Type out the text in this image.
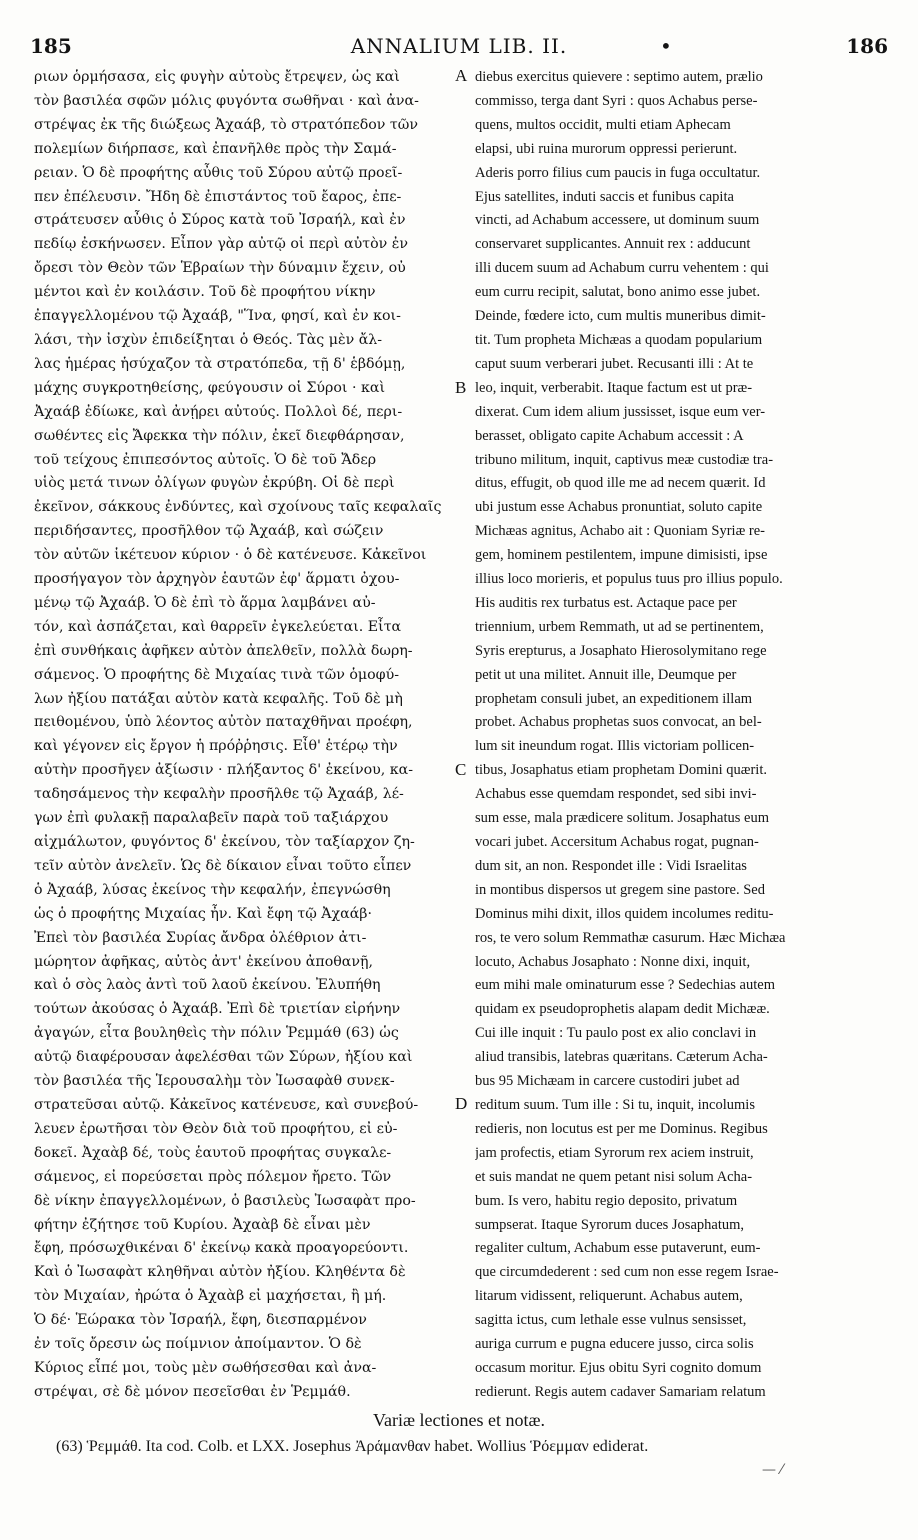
185	ANNALIUM LIB. II.	•	186
ριων ὁρμήσασα, εἰς φυγὴν αὐτοὺς ἔτρεψεν, ὡς καὶ
τὸν βασιλέα σφῶν μόλις φυγόντα σωθῆναι · καὶ ἀνα-
στρέψας ἐκ τῆς διώξεως Ἀχαάβ, τὸ στρατόπεδον τῶν
πολεμίων διήρπασε, καὶ ἐπανῆλθε πρὸς τὴν Σαμά-
ρειαν. Ὁ δὲ προφήτης αὖθις τοῦ Σύρου αὐτῷ προεῖ-
πεν ἐπέλευσιν. Ἤδη δὲ ἐπιστάντος τοῦ ἔαρος, ἐπε-
στράτευσεν αὖθις ὁ Σύρος κατὰ τοῦ Ἰσραήλ, καὶ ἐν
πεδίῳ ἐσκήνωσεν. Εἶπον γὰρ αὐτῷ οἱ περὶ αὐτὸν ἐν
ὄρεσι τὸν Θεὸν τῶν Ἑβραίων τὴν δύναμιν ἔχειν, οὐ
μέντοι καὶ ἐν κοιλάσιν. Τοῦ δὲ προφήτου νίκην
ἐπαγγελλομένου τῷ Ἀχαάβ, "Ἵνα, φησί, καὶ ἐν κοι-
λάσι, τὴν ἰσχὺν ἐπιδείξηται ὁ Θεός. Τὰς μὲν ἄλ-
λας ἡμέρας ἡσύχαζον τὰ στρατόπεδα, τῇ δ' ἑβδόμῃ,
μάχης συγκροτηθείσης, φεύγουσιν οἱ Σύροι · καὶ
Ἀχαάβ ἐδίωκε, καὶ ἀνῄρει αὐτούς. Πολλοὶ δέ, περι-
σωθέντες εἰς Ἄφεκκα τὴν πόλιν, ἐκεῖ διεφθάρησαν,
τοῦ τείχους ἐπιπεσόντος αὐτοῖς. Ὁ δὲ τοῦ Ἄδερ
υἱὸς μετά τινων ὀλίγων φυγὼν ἐκρύβη. Οἱ δὲ περὶ
ἐκεῖνον, σάκκους ἐνδύντες, καὶ σχοίνους ταῖς κεφαλαῖς
περιδήσαντες, προσῆλθον τῷ Ἀχαάβ, καὶ σώζειν
τὸν αὐτῶν ἱκέτευον κύριον · ὁ δὲ κατένευσε. Κἀκεῖνοι
προσήγαγον τὸν ἀρχηγὸν ἑαυτῶν ἐφ' ἅρματι ὀχου-
μένῳ τῷ Ἀχαάβ. Ὁ δὲ ἐπὶ τὸ ἅρμα λαμβάνει αὐ-
τόν, καὶ ἀσπάζεται, καὶ θαρρεῖν ἐγκελεύεται. Εἶτα
ἐπὶ συνθήκαις ἀφῆκεν αὐτὸν ἀπελθεῖν, πολλὰ δωρη-
σάμενος. Ὁ προφήτης δὲ Μιχαίας τινὰ τῶν ὁμοφύ-
λων ἠξίου πατάξαι αὐτὸν κατὰ κεφαλῆς. Τοῦ δὲ μὴ
πειθομένου, ὑπὸ λέοντος αὐτὸν παταχθῆναι προέφη,
καὶ γέγονεν εἰς ἔργον ἡ πρόῤῥησις. Εἶθ' ἑτέρῳ τὴν
αὐτὴν προσῆγεν ἀξίωσιν · πλήξαντος δ' ἐκείνου, κα-
ταδησάμενος τὴν κεφαλὴν προσῆλθε τῷ Ἀχαάβ, λέ-
γων ἐπὶ φυλακῇ παραλαβεῖν παρὰ τοῦ ταξιάρχου
αἰχμάλωτον, φυγόντος δ' ἐκείνου, τὸν ταξίαρχον ζη-
τεῖν αὐτὸν ἀνελεῖν. Ὡς δὲ δίκαιον εἶναι τοῦτο εἶπεν
ὁ Ἀχαάβ, λύσας ἐκείνος τὴν κεφαλήν, ἐπεγνώσθη
ὡς ὁ προφήτης Μιχαίας ἦν. Καὶ ἔφη τῷ Ἀχαάβ·
Ἐπεὶ τὸν βασιλέα Συρίας ἄνδρα ὀλέθριον ἀτι-
μώρητον ἀφῆκας, αὐτὸς ἀντ' ἐκείνου ἀποθανῇ,
καὶ ὁ σὸς λαὸς ἀντὶ τοῦ λαοῦ ἐκείνου. Ἐλυπήθη
τούτων ἀκούσας ὁ Ἀχαάβ. Ἐπὶ δὲ τριετίαν εἰρήνην
ἀγαγών, εἶτα βουληθεὶς τὴν πόλιν Ῥεμμάθ (63) ὡς
αὐτῷ διαφέρουσαν ἀφελέσθαι τῶν Σύρων, ἠξίου καὶ
τὸν βασιλέα τῆς Ἱερουσαλὴμ τὸν Ἰωσαφὰθ συνεκ-
στρατεῦσαι αὐτῷ. Κἀκεῖνος κατένευσε, καὶ συνεβού-
λευεν ἐρωτῆσαι τὸν Θεὸν διὰ τοῦ προφήτου, εἰ εὐ-
δοκεῖ. Ἀχαὰβ δέ, τοὺς ἑαυτοῦ προφήτας συγκαλε-
σάμενος, εἰ πορεύσεται πρὸς πόλεμον ἤρετο. Τῶν
δὲ νίκην ἐπαγγελλομένων, ὁ βασιλεὺς Ἰωσαφὰτ προ-
φήτην ἐζήτησε τοῦ Κυρίου. Ἀχαὰβ δὲ εἶναι μὲν
ἔφη, πρόσωχθικέναι δ' ἐκείνῳ κακὰ προαγορεύοντι.
Καὶ ὁ Ἰωσαφὰτ κληθῆναι αὐτὸν ἠξίου. Κληθέντα δὲ
τὸν Μιχαίαν, ἠρώτα ὁ Ἀχαὰβ εἰ μαχήσεται, ἢ μή.
Ὁ δέ· Ἑώρακα τὸν Ἰσραήλ, ἔφη, διεσπαρμένον
ἐν τοῖς ὄρεσιν ὡς ποίμνιον ἀποίμαντον. Ὁ δὲ
Κύριος εἶπέ μοι, τοὺς μὲν σωθήσεσθαι καὶ ἀνα-
στρέψαι, σὲ δὲ μόνον πεσεῖσθαι ἐν Ῥεμμάθ.
diebus exercitus quievere : septimo autem, prælio
commisso, terga dant Syri : quos Achabus perse-
quens, multos occidit, multi etiam Aphecam
elapsi, ubi ruina murorum oppressi perierunt.
Aderis porro filius cum paucis in fuga occultatur.
Ejus satellites, induti saccis et funibus capita
vincti, ad Achabum accessere, ut dominum suum
conservaret supplicantes. Annuit rex : adducunt
illi ducem suum ad Achabum curru vehentem : qui
eum curru recipit, salutat, bono animo esse jubet.
Deinde, fœdere icto, cum multis muneribus dimit-
tit. Tum propheta Michæas a quodam popularium
caput suum verberari jubet. Recusanti illi : At te
leo, inquit, verberabit. Itaque factum est ut præ-
dixerat. Cum idem alium jussisset, isque eum ver-
berasset, obligato capite Achabum accessit : A
tribuno militum, inquit, captivus meæ custodiæ tra-
ditus, effugit, ob quod ille me ad necem quærit. Id
ubi justum esse Achabus pronuntiat, soluto capite
Michæas agnitus, Achabo ait : Quoniam Syriæ re-
gem, hominem pestilentem, impune dimisisti, ipse
illius loco morieris, et populus tuus pro illius populo.
His auditis rex turbatus est. Actaque pace per
triennium, urbem Remmath, ut ad se pertinentem,
Syris erepturus, a Josaphato Hierosolymitano rege
petit ut una militet. Annuit ille, Deumque per
prophetam consuli jubet, an expeditionem illam
probet. Achabus prophetas suos convocat, an bel-
lum sit ineundum rogat. Illis victoriam pollicen-
tibus, Josaphatus etiam prophetam Domini quærit.
Achabus esse quemdam respondet, sed sibi invi-
sum esse, mala prædicere solitum. Josaphatus eum
vocari jubet. Accersitum Achabus rogat, pugnan-
dum sit, an non. Respondet ille : Vidi Israelitas
in montibus dispersos ut gregem sine pastore. Sed
Dominus mihi dixit, illos quidem incolumes reditu-
ros, te vero solum Remmathæ casurum. Hæc Michæa
locuto, Achabus Josaphato : Nonne dixi, inquit,
eum mihi male ominaturum esse ? Sedechias autem
quidam ex pseudoprophetis alapam dedit Michææ.
Cui ille inquit : Tu paulo post ex alio conclavi in
aliud transibis, latebras quæritans. Cæterum Acha-
bus 95 Michæam in carcere custodiri jubet ad
reditum suum. Tum ille : Si tu, inquit, incolumis
redieris, non locutus est per me Dominus. Regibus
jam profectis, etiam Syrorum rex aciem instruit,
et suis mandat ne quem petant nisi solum Acha-
bum. Is vero, habitu regio deposito, privatum
sumpserat. Itaque Syrorum duces Josaphatum,
regaliter cultum, Achabum esse putaverunt, eum-
que circumdederent : sed cum non esse regem Israe-
litarum vidissent, reliquerunt. Achabus autem,
sagitta ictus, cum lethale esse vulnus sensisset,
auriga currum e pugna educere jusso, circa solis
occasum moritur. Ejus obitu Syri cognito domum
redierunt. Regis autem cadaver Samariam relatum
A
B
C
D
Variæ lectiones et notæ.
(63) Ῥεμμάθ. Ita cod. Colb. et LXX. Josephus Ἀράμανθαν habet. Wollius Ῥόεμμαν ediderat.
— ⁄
